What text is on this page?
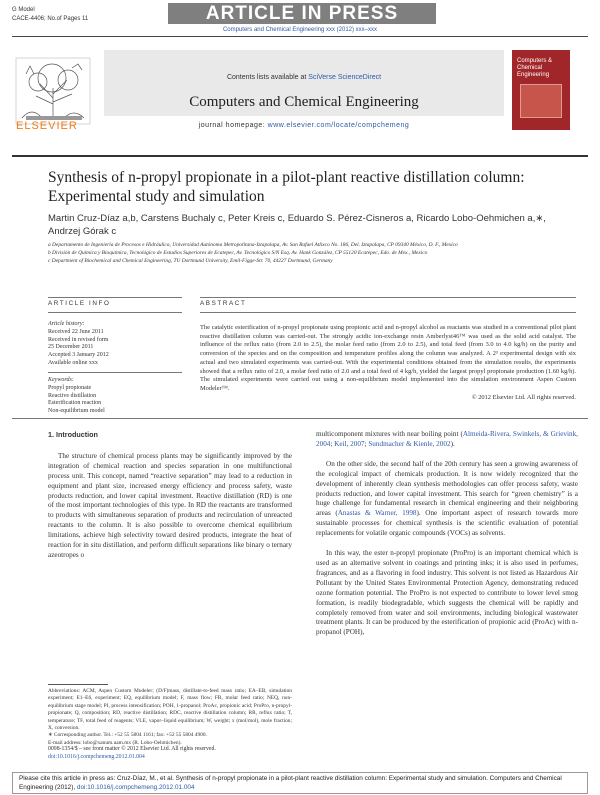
G Model
CACE-4406; No.of Pages 11	ARTICLE IN PRESS
Computers and Chemical Engineering xxx (2012) xxx–xxx
ELSEVIER
Contents lists available at SciVerse ScienceDirect
Computers and Chemical Engineering
journal homepage: www.elsevier.com/locate/compchemeng
Computers & Chemical Engineering
Synthesis of n-propyl propionate in a pilot-plant reactive distillation column: Experimental study and simulation
Martin Cruz-Díaz a,b, Carstens Buchaly c, Peter Kreis c, Eduardo S. Pérez-Cisneros a, Ricardo Lobo-Oehmichen a,∗, Andrzej Górak c
a Departamento de Ingeniería de Procesos e Hidráulica, Universidad Autónoma Metropolitana-Iztapalapa, Av. San Rafael Atlixco No. 186, Del. Iztapalapa, CP 09340 México, D. F., Mexico
b División de Química y Bioquímica, Tecnológico de Estudios Superiores de Ecatepec, Av. Tecnológico S/N Esq. Av. Hank González, CP 55120 Ecatepec, Edo. de Mex., Mexico
c Department of Biochemical and Chemical Engineering, TU Dortmund University, Emil-Figge-Str. 70, 44227 Dortmund, Germany
ARTICLE INFO	ABSTRACT
Article history:
Received 22 June 2011
Received in revised form
25 December 2011
Accepted 3 January 2012
Available online xxx
Keywords:
Propyl propionate
Reactive distillation
Esterification reaction
Non-equilibrium model
The catalytic esterification of n-propyl propionate using propionic acid and n-propyl alcohol as reactants was studied in a conventional pilot plant reactive distillation column was carried-out. The strongly acidic ion-exchange resin Amberlyst46™ was used as the solid acid catalyst. The influence of the reflux ratio (from 2.0 to 2.5), the molar feed ratio (from 2.0 to 2.5), and total feed (from 3.0 to 4.0 kg/h) on the purity and conversion of the species and on the composition and temperature profiles along the column was analyzed. A 2³ experimental design with six actual and two simulated experiments was carried-out. With the experimental conditions obtained from the simulation results, the experiments showed that a reflux ratio of 2.0, a molar feed ratio of 2.0 and a total feed of 4 kg/h, yielded the largest propyl propionate production (1.60 kg/h). The simulated experiments were carried out using a non-equilibrium model implemented into the simulation environment Aspen Custom Modeler™.
© 2012 Elsevier Ltd. All rights reserved.
1. Introduction

The structure of chemical process plants may be significantly improved by the integration of chemical reaction and species separation in one multifunctional process unit. This concept, named “reactive separation” may lead to a reduction in equipment and plant size, increased energy efficiency and process safety, waste products reduction, and lower capital investment. Reactive distillation (RD) is one of the most important technologies of this type. In RD the reactants are transformed to products with simultaneous separation of products and recirculation of unreacted reactants to the column. It is also possible to overcome chemical equilibrium limitations, achieve high selectivity toward desired products, integrate the heat of reaction for in situ distillation, and perform difficult separations like binary o ternary azeotropes o

multicomponent mixtures with near boiling point (Almeida-Rivera, Swinkels, & Grievink, 2004; Keil, 2007; Sundmacher & Kienle, 2002).

On the other side, the second half of the 20th century has seen a growing awareness of the ecological impact of chemicals production. It is now widely recognized that the development of inherently clean synthesis methodologies can offer process safety, waste products reduction, and lower capital investment. This search for “green chemistry” is a huge challenge for fundamental research in chemical engineering and their neighboring areas (Anastas & Warner, 1998). One important aspect of research towards more sustainable processes for chemical synthesis is the scientific evaluation of potential replacements for volatile organic compounds (VOCs) as solvents.

In this way, the ester n-propyl propionate (ProPro) is an important chemical which is used as an alternative solvent in coatings and printing inks; it is also used in perfumes, fragrances, and as a flavoring in food industry. This solvent is not listed as Hazardous Air Pollutant by the United States Environmental Protection Agency, demonstrating reduced ozone formation potential. The ProPro is not expected to contribute to lower level smog formation, is readily biodegradable, which suggests the chemical will be rapidly and completely removed from water and soil environments, including biological wastewater treatment plants. It can be produced by the esterification of propionic acid (ProAc) with n-propanol (POH),

Abbreviations: ACM, Aspen Custom Modeler; (D/F)mass, distillate-to-feed mass ratio; EA–EB, simulation experiment; E1–E6, experiment; EQ, equilibrium model; F, mass flow; FR, molar feed ratio; NEQ, non-equilibrium stage model; PI, process intensification; POH, 1-propanol; ProAc, propionic acid; ProPro, n-propyl-propionate; Q, composition; RD, reactive distillation; RDC, reactive distillation column; RR, reflux ratio; T, temperature; TF, total feed of reagents; VLE, vapor–liquid equilibrium; W, weight; x (mol/mol), mole fraction; X, conversion.
∗ Corresponding author. Tel.: +52 55 5804 1161; fax: +52 55 5804 4900.
E-mail address: lobo@xanum.uam.mx (R. Lobo-Oehmichen).
0098-1354/$ – see front matter © 2012 Elsevier Ltd. All rights reserved.
doi:10.1016/j.compchemeng.2012.01.004
Please cite this article in press as: Cruz-Díaz, M., et al. Synthesis of n-propyl propionate in a pilot-plant reactive distillation column: Experimental study and simulation. Computers and Chemical Engineering (2012), doi:10.1016/j.compchemeng.2012.01.004
